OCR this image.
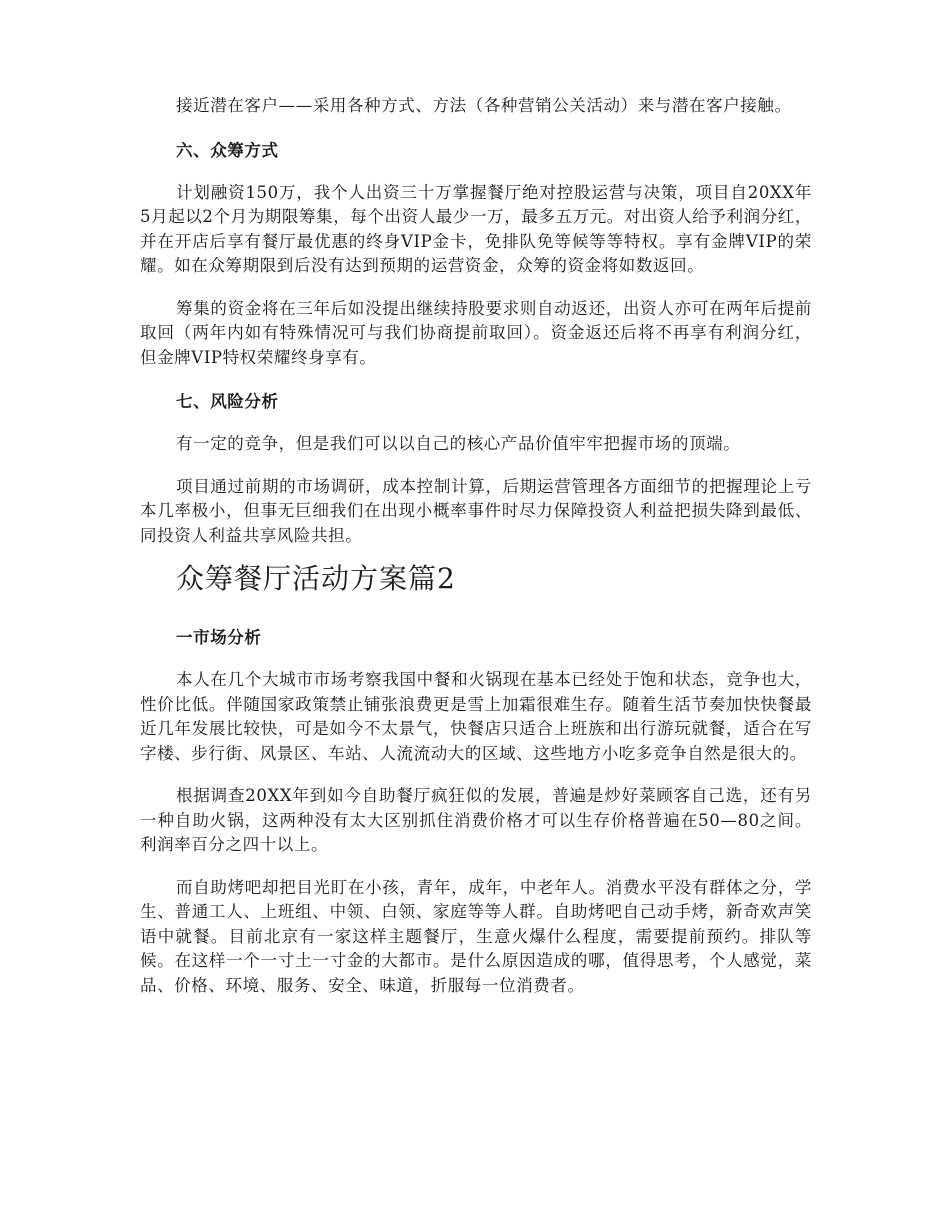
接近潜在客户——采用各种方式、方法（各种营销公关活动）来与潜在客户接触。

六、众筹方式

计划融资150万，我个人出资三十万掌握餐厅绝对控股运营与决策，项目自20XX年5月起以2个月为期限筹集，每个出资人最少一万，最多五万元。对出资人给予利润分红，并在开店后享有餐厅最优惠的终身VIP金卡，免排队免等候等等特权。享有金牌VIP的荣耀。如在众筹期限到后没有达到预期的运营资金，众筹的资金将如数返回。

筹集的资金将在三年后如没提出继续持股要求则自动返还，出资人亦可在两年后提前取回（两年内如有特殊情况可与我们协商提前取回）。资金返还后将不再享有利润分红，但金牌VIP特权荣耀终身享有。

七、风险分析

有一定的竞争，但是我们可以以自己的核心产品价值牢牢把握市场的顶端。

项目通过前期的市场调研，成本控制计算，后期运营管理各方面细节的把握理论上亏本几率极小，但事无巨细我们在出现小概率事件时尽力保障投资人利益把损失降到最低、同投资人利益共享风险共担。

众筹餐厅活动方案篇2
一市场分析

本人在几个大城市市场考察我国中餐和火锅现在基本已经处于饱和状态，竞争也大，性价比低。伴随国家政策禁止铺张浪费更是雪上加霜很难生存。随着生活节奏加快快餐最近几年发展比较快，可是如今不太景气，快餐店只适合上班族和出行游玩就餐，适合在写字楼、步行街、风景区、车站、人流流动大的区域、这些地方小吃多竞争自然是很大的。

根据调查20XX年到如今自助餐厅疯狂似的发展，普遍是炒好菜顾客自己选，还有另一种自助火锅，这两种没有太大区别抓住消费价格才可以生存价格普遍在50—80之间。利润率百分之四十以上。

而自助烤吧却把目光盯在小孩，青年，成年，中老年人。消费水平没有群体之分，学生、普通工人、上班组、中领、白领、家庭等等人群。自助烤吧自己动手烤，新奇欢声笑语中就餐。目前北京有一家这样主题餐厅，生意火爆什么程度，需要提前预约。排队等候。在这样一个一寸土一寸金的大都市。是什么原因造成的哪，值得思考，个人感觉，菜品、价格、环境、服务、安全、味道，折服每一位消费者。
